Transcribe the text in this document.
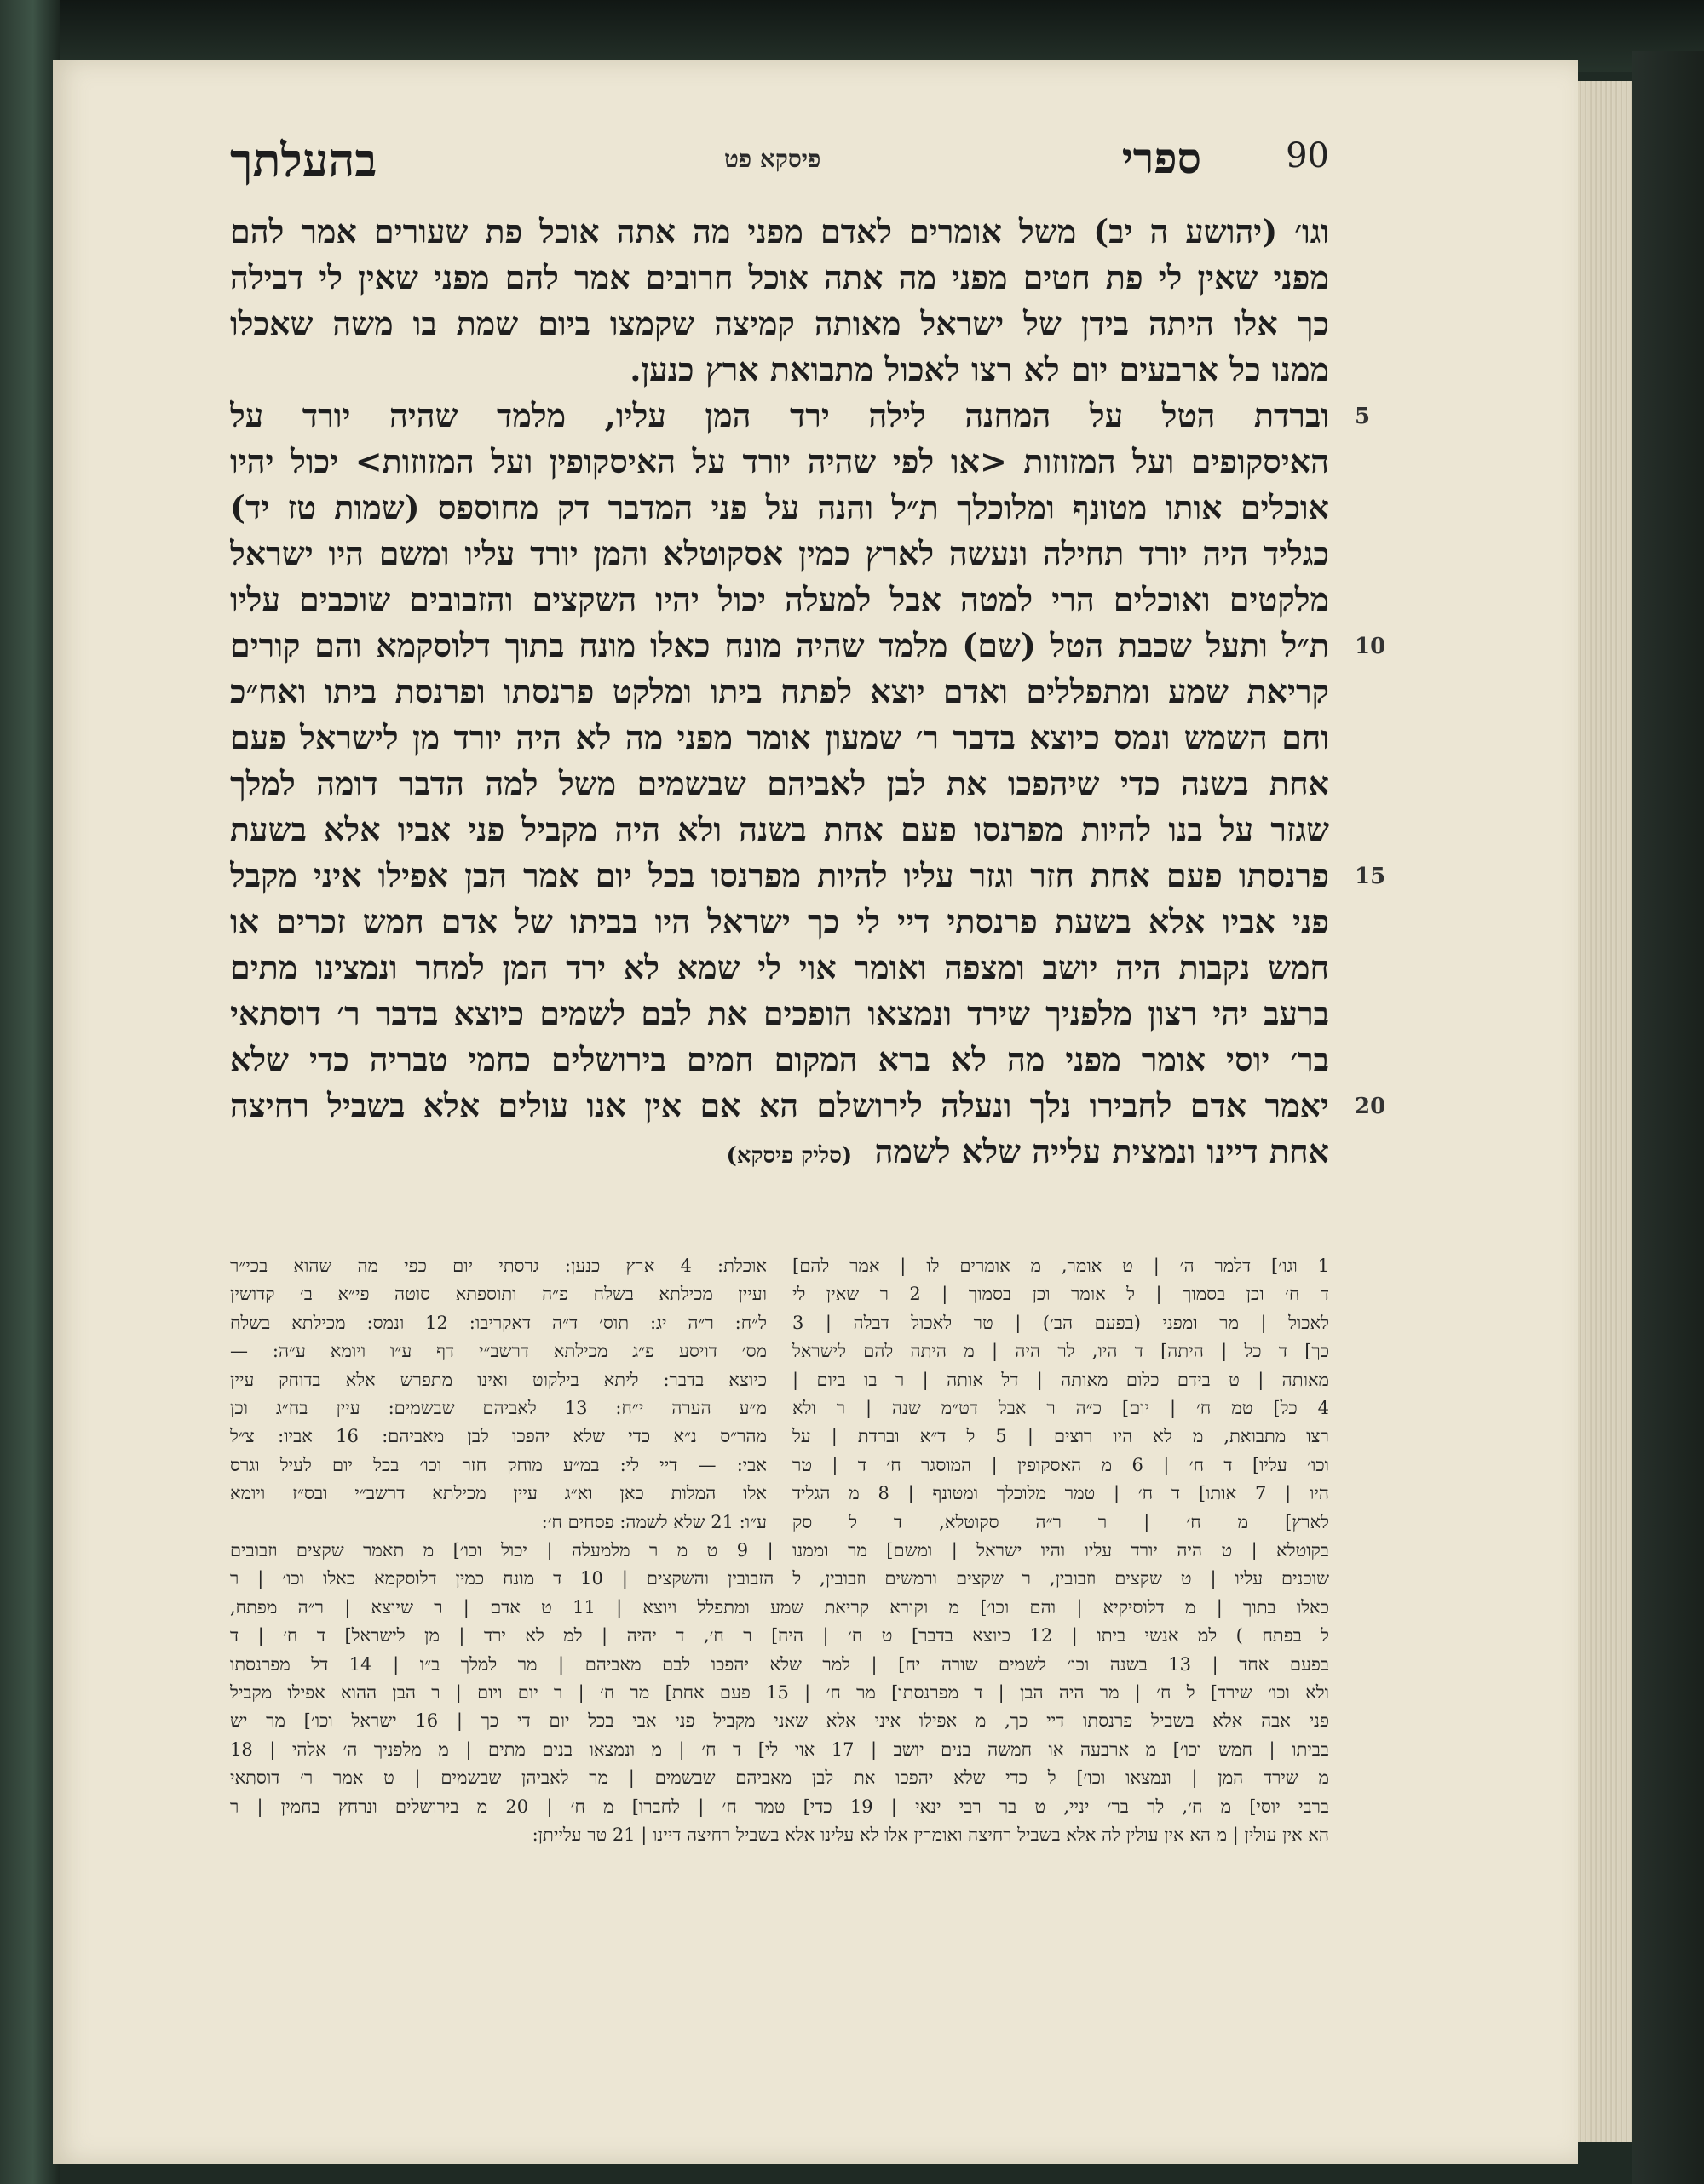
90
ספרי
פיסקא פט
בהעלתך
וגו׳ (יהושע ה יב) משל אומרים לאדם מפני מה אתה אוכל פת שעורים אמר להם
מפני שאין לי פת חטים מפני מה אתה אוכל חרובים אמר להם מפני שאין לי דבילה
כך אלו היתה בידן של ישראל מאותה קמיצה שקמצו ביום שמת בו משה שאכלו
ממנו כל ארבעים יום לא רצו לאכול מתבואת ארץ כנען.
וברדת הטל על המחנה לילה ירד המן עליו, מלמד שהיה יורד על
האיסקופים ועל המזוזות <או לפי שהיה יורד על האיסקופין ועל המזוזות> יכול יהיו
אוכלים אותו מטונף ומלוכלך ת״ל והנה על פני המדבר דק מחוספס (שמות טז יד)
כגליד היה יורד תחילה ונעשה לארץ כמין אסקוטלא והמן יורד עליו ומשם היו ישראל
מלקטים ואוכלים הרי למטה אבל למעלה יכול יהיו השקצים והזבובים שוכבים עליו
ת״ל ותעל שכבת הטל (שם) מלמד שהיה מונח כאלו מונח בתוך דלוסקמא והם קורים
קריאת שמע ומתפללים ואדם יוצא לפתח ביתו ומלקט פרנסתו ופרנסת ביתו ואח״כ
וחם השמש ונמס כיוצא בדבר ר׳ שמעון אומר מפני מה לא היה יורד מן לישראל פעם
אחת בשנה כדי שיהפכו את לבן לאביהם שבשמים משל למה הדבר דומה למלך
שגזר על בנו להיות מפרנסו פעם אחת בשנה ולא היה מקביל פני אביו אלא בשעת
פרנסתו פעם אחת חזר וגזר עליו להיות מפרנסו בכל יום אמר הבן אפילו איני מקבל
פני אביו אלא בשעת פרנסתי דיי לי כך ישראל היו בביתו של אדם חמש זכרים או
חמש נקבות היה יושב ומצפה ואומר אוי לי שמא לא ירד המן למחר ונמצינו מתים
ברעב יהי רצון מלפניך שירד ונמצאו הופכים את לבם לשמים כיוצא בדבר ר׳ דוסתאי
בר׳ יוסי אומר מפני מה לא ברא המקום חמים בירושלים כחמי טבריה כדי שלא
יאמר אדם לחבירו נלך ונעלה לירושלם הא אם אין אנו עולים אלא בשביל רחיצה
אחת דיינו ונמצית עלייה שלא לשמה  (סליק פיסקא)
5
10
15
20
1 וגו׳] דלמר ה׳ | ט אומר, מ אומרים לו | אמר להם]
ד ח׳ וכן בסמוך | ל אומר וכן בסמוך | 2 ר שאין לי
לאכול | מר ומפני (בפעם הב׳) | טר לאכול דבלה | 3
כך] ד כל | היתה] ד היו, לר היה | מ היתה להם לישראל
מאותה | ט בידם כלום מאותה | דל אותה | ר בו ביום |
4 כל] טמ ח׳ | יום] כ״ה ר אבל דט״מ שנה | ר ולא
רצו מתבואת, מ לא היו רוצים | 5 ל ד״א וברדת | על
וכו׳ עליו] ד ח׳ | 6 מ האסקופין | המוסגר ח׳ ד | טר
היו | 7 אותו] ד ח׳ | טמר מלוכלך ומטונף | 8 מ הגליד
לארץ] מ ח׳ | ר ר״ה סקוטלא, ד ל סק
אוכלת: 4 ארץ כנען: גרסתי יום כפי מה שהוא בכי״ר
ועיין מכילתא בשלח פ״ה ותוספתא סוטה פי״א ב׳ קדושין
ל״ח: ר״ה יג: תוס׳ ד״ה דאקריבו: 12 ונמס: מכילתא בשלח
מס׳ דויסע פ״ג מכילתא דרשב״י דף ע״ו ויומא ע״ה: —
כיוצא בדבר: ליתא בילקוט ואינו מתפרש אלא בדוחק עיין
מ״ע הערה י״ח: 13 לאביהם שבשמים: עיין בח״ג וכן
מהר״ס נ״א כדי שלא יהפכו לבן מאביהם: 16 אביו: צ״ל
אבי: — דיי לי: במ״ע מוחק חזר וכו׳ בכל יום לעיל וגרס
אלו המלות כאן וא״ג עיין מכילתא דרשב״י ובס״ז ויומא
ע״ו: 21 שלא לשמה: פסחים ח׳:
בקוטלא | ט היה יורד עליו והיו ישראל | ומשם] מר וממנו | 9 ט מ ר מלמעלה | יכול וכו׳] מ תאמר שקצים וזבובים
שוכנים עליו | ט שקצים וזבובין, ר שקצים ורמשים וזבובין, ל הזבובין והשקצים | 10 ד מונח כמין דלוסקמא כאלו וכו׳ | ר
כאלו בתוך | מ דלוסיקיא | והם וכו׳] מ וקורא קריאת שמע ומתפלל ויוצא | 11 ט אדם | ר שיוצא | ר״ה מפתח,
ל בפתח ) למ אנשי ביתו | 12 כיוצא בדבר] ט ח׳ | היה] ר ח׳, ד יהיה | למ לא ירד | מן לישראל] ד ח׳ | ד
בפעם אחד | 13 בשנה וכו׳ לשמים שורה יח] | למר שלא יהפכו לבם מאביהם | מר למלך ב״ו | 14 דל מפרנסתו
ולא וכו׳ שירד] ל ח׳ | מר היה הבן | ד מפרנסתו] מר ח׳ | 15 פעם אחת] מר ח׳ | ר יום ויום | ר הבן ההוא אפילו מקביל
פני אבה אלא בשביל פרנסתו דיי כך, מ אפילו איני אלא שאני מקביל פני אבי בכל יום די כך | 16 ישראל וכו׳] מר יש
בביתו | חמש וכו׳] מ ארבעה או חמשה בנים יושב | 17 אוי לי] ד ח׳ | מ ונמצאו בנים מתים | מ מלפניך ה׳ אלהי | 18
מ שירד המן | ונמצאו וכו׳] ל כדי שלא יהפכו את לבן מאביהם שבשמים | מר לאביהן שבשמים | ט אמר ר׳ דוסתאי
ברבי יוסי] מ ח׳, לר בר׳ יניי, ט בר רבי ינאי | 19 כדי] טמר ח׳ | לחברו] מ ח׳ | 20 מ בירושלים ונרחץ בחמין | ר
הא אין עולין | מ הא אין עולין לה אלא בשביל רחיצה ואומרין אלו לא עלינו אלא בשביל רחיצה דיינו | 21 טר עלייתן:
